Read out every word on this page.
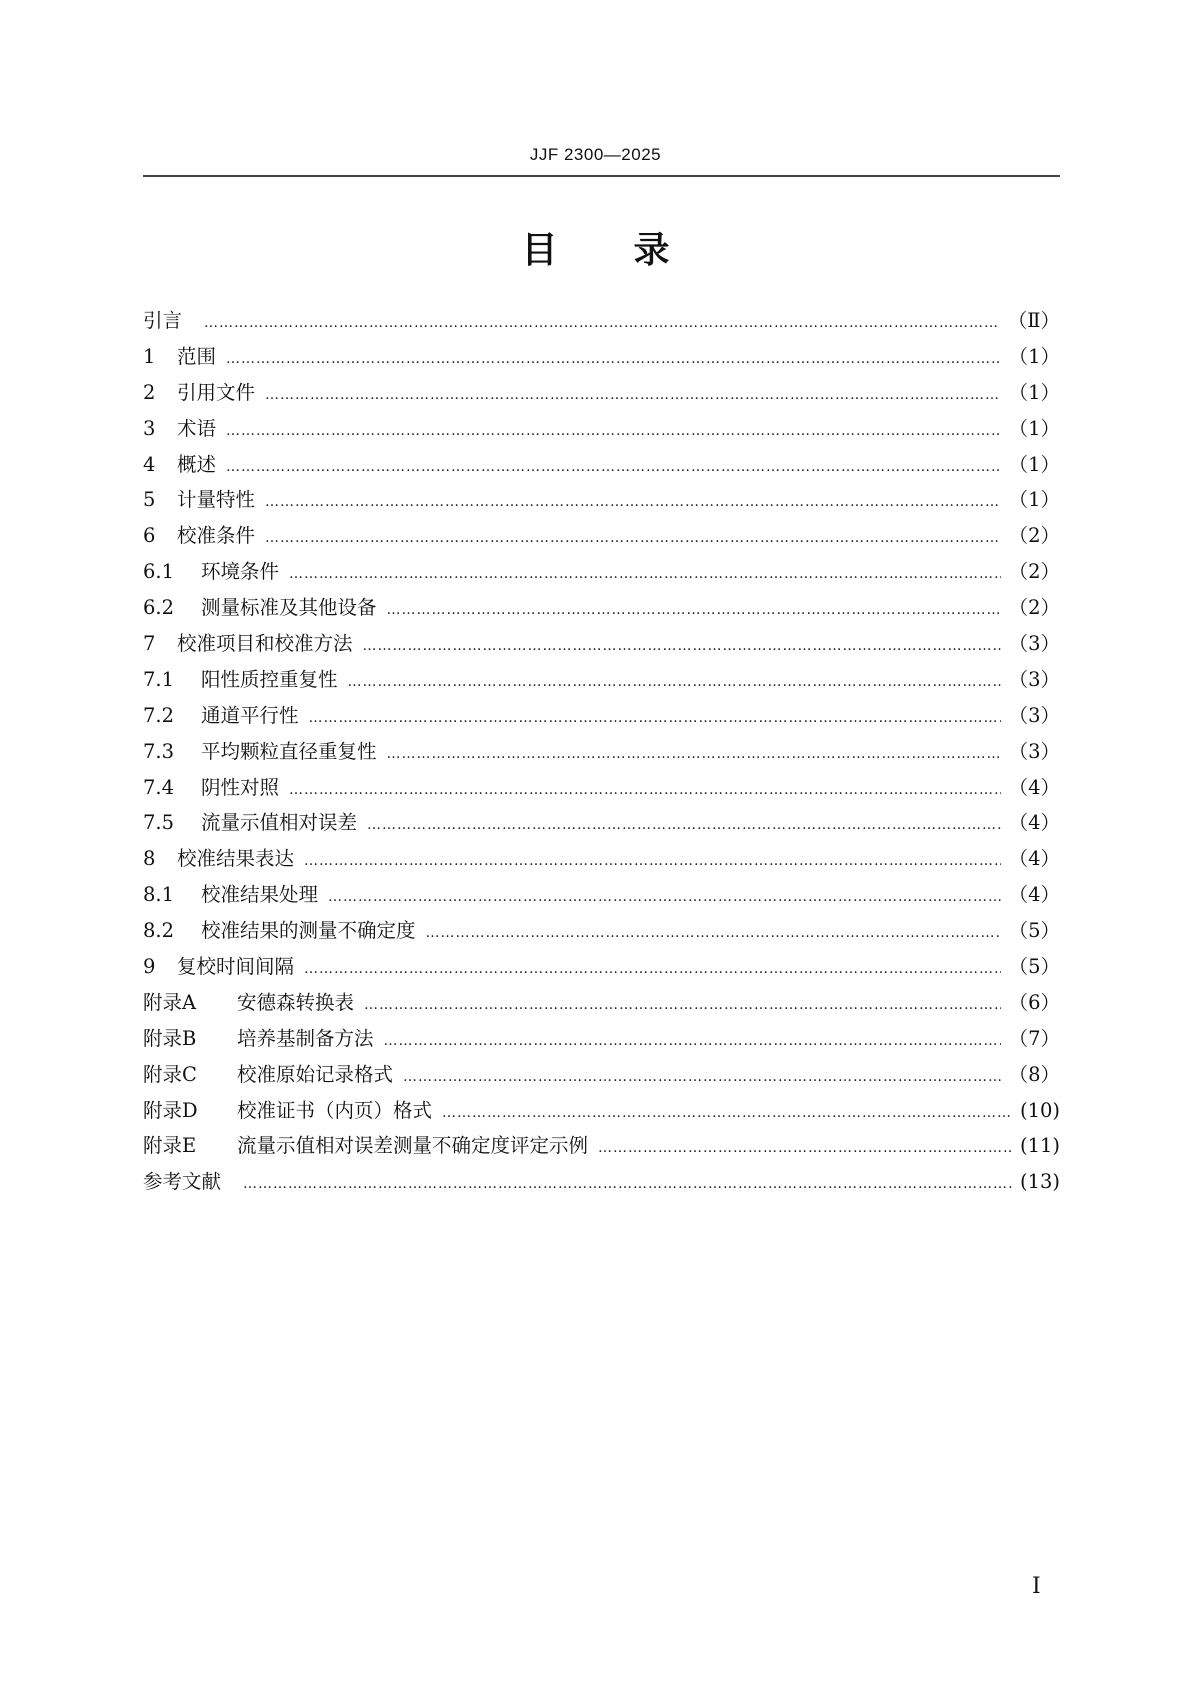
JJF 2300—2025
目 录
引言 ……………………………………………………………………………………………………………………………………………………………………………………………………………	（Ⅱ）
1	范围 ……………………………………………………………………………………………………………………………………………………………………………………………………………	（1）
2	引用文件 ……………………………………………………………………………………………………………………………………………………………………………………………………………	（1）
3	术语 ……………………………………………………………………………………………………………………………………………………………………………………………………………	（1）
4	概述 ……………………………………………………………………………………………………………………………………………………………………………………………………………	（1）
5	计量特性 ……………………………………………………………………………………………………………………………………………………………………………………………………………	（1）
6	校准条件 ……………………………………………………………………………………………………………………………………………………………………………………………………………	（2）
6.1	环境条件 ……………………………………………………………………………………………………………………………………………………………………………………………………………	（2）
6.2	测量标准及其他设备 ……………………………………………………………………………………………………………………………………………………………………………………………………………	（2）
7	校准项目和校准方法 ……………………………………………………………………………………………………………………………………………………………………………………………………………	（3）
7.1	阳性质控重复性 ……………………………………………………………………………………………………………………………………………………………………………………………………………	（3）
7.2	通道平行性 ……………………………………………………………………………………………………………………………………………………………………………………………………………	（3）
7.3	平均颗粒直径重复性 ……………………………………………………………………………………………………………………………………………………………………………………………………………	（3）
7.4	阴性对照 ……………………………………………………………………………………………………………………………………………………………………………………………………………	（4）
7.5	流量示值相对误差 ……………………………………………………………………………………………………………………………………………………………………………………………………………	（4）
8	校准结果表达 ……………………………………………………………………………………………………………………………………………………………………………………………………………	（4）
8.1	校准结果处理 ……………………………………………………………………………………………………………………………………………………………………………………………………………	（4）
8.2	校准结果的测量不确定度 ……………………………………………………………………………………………………………………………………………………………………………………………………………	（5）
9	复校时间间隔 ……………………………………………………………………………………………………………………………………………………………………………………………………………	（5）
附录A	安德森转换表 ……………………………………………………………………………………………………………………………………………………………………………………………………………	（6）
附录B	培养基制备方法 ……………………………………………………………………………………………………………………………………………………………………………………………………………	（7）
附录C	校准原始记录格式 ……………………………………………………………………………………………………………………………………………………………………………………………………………	（8）
附录D	校准证书（内页）格式 ……………………………………………………………………………………………………………………………………………………………………………………………………………	(10)
附录E	流量示值相对误差测量不确定度评定示例 ……………………………………………………………………………………………………………………………………………………………………………………………………………	(11)
参考文献 ……………………………………………………………………………………………………………………………………………………………………………………………………………	(13)
I
